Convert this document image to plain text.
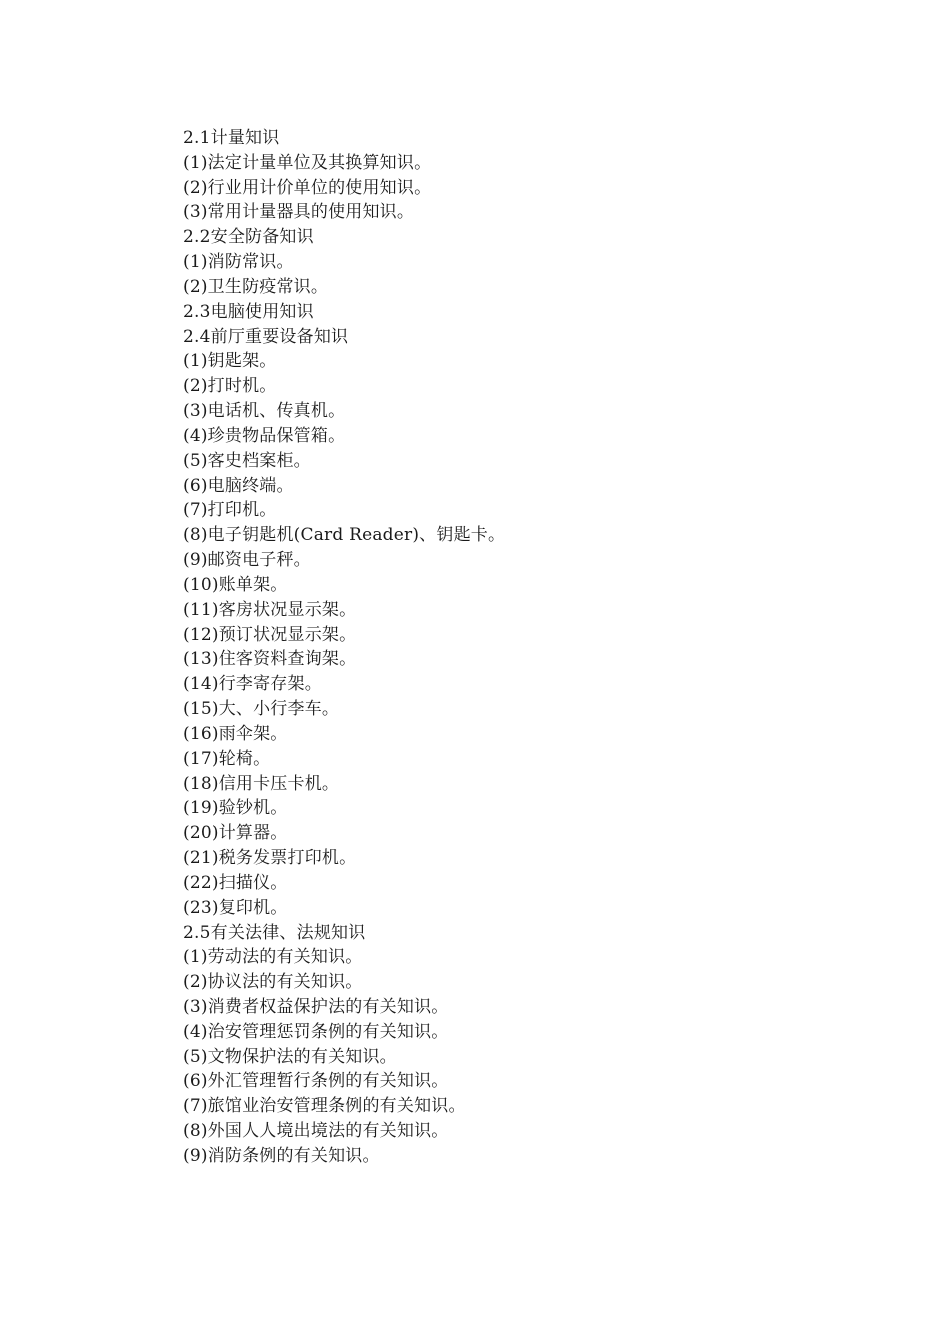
2.1计量知识
(1)法定计量单位及其换算知识。
(2)行业用计价单位的使用知识。
(3)常用计量器具的使用知识。
2.2安全防备知识
(1)消防常识。
(2)卫生防疫常识。
2.3电脑使用知识
2.4前厅重要设备知识
(1)钥匙架。
(2)打时机。
(3)电话机、传真机。
(4)珍贵物品保管箱。
(5)客史档案柜。
(6)电脑终端。
(7)打印机。
(8)电子钥匙机(Card Reader)、钥匙卡。
(9)邮资电子秤。
(10)账单架。
(11)客房状况显示架。
(12)预订状况显示架。
(13)住客资料查询架。
(14)行李寄存架。
(15)大、小行李车。
(16)雨伞架。
(17)轮椅。
(18)信用卡压卡机。
(19)验钞机。
(20)计算器。
(21)税务发票打印机。
(22)扫描仪。
(23)复印机。
2.5有关法律、法规知识
(1)劳动法的有关知识。
(2)协议法的有关知识。
(3)消费者权益保护法的有关知识。
(4)治安管理惩罚条例的有关知识。
(5)文物保护法的有关知识。
(6)外汇管理暂行条例的有关知识。
(7)旅馆业治安管理条例的有关知识。
(8)外国人人境出境法的有关知识。
(9)消防条例的有关知识。
